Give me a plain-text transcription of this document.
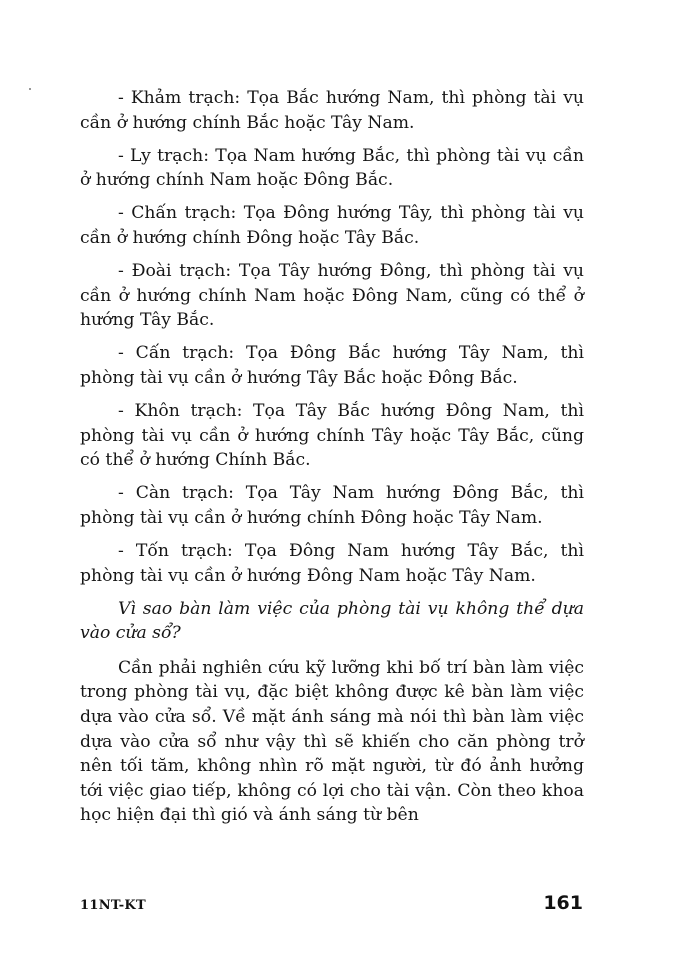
- Khảm trạch: Tọa Bắc hướng Nam, thì phòng tài vụ cần ở hướng chính Bắc hoặc Tây Nam.

- Ly trạch: Tọa Nam hướng Bắc, thì phòng tài vụ cần ở hướng chính Nam hoặc Đông Bắc.

- Chấn trạch: Tọa Đông hướng Tây, thì phòng tài vụ cần ở hướng chính Đông hoặc Tây Bắc.

- Đoài trạch: Tọa Tây hướng Đông, thì phòng tài vụ cần ở hướng chính Nam hoặc Đông Nam, cũng có thể ở hướng Tây Bắc.

- Cấn trạch: Tọa Đông Bắc hướng Tây Nam, thì phòng tài vụ cần ở hướng Tây Bắc hoặc Đông Bắc.

- Khôn trạch: Tọa Tây Bắc hướng Đông Nam, thì phòng tài vụ cần ở hướng chính Tây hoặc Tây Bắc, cũng có thể ở hướng Chính Bắc.

- Càn trạch: Tọa Tây Nam hướng Đông Bắc, thì phòng tài vụ cần ở hướng chính Đông hoặc Tây Nam.

- Tốn trạch: Tọa Đông Nam hướng Tây Bắc, thì phòng tài vụ cần ở hướng Đông Nam hoặc Tây Nam.

Vì sao bàn làm việc của phòng tài vụ không thể dựa vào cửa sổ?

Cần phải nghiên cứu kỹ lưỡng khi bố trí bàn làm việc trong phòng tài vụ, đặc biệt không được kê bàn làm việc dựa vào cửa sổ. Về mặt ánh sáng mà nói thì bàn làm việc dựa vào cửa sổ như vậy thì sẽ khiến cho căn phòng trở nên tối tăm, không nhìn rõ mặt người, từ đó ảnh hưởng tới việc giao tiếp, không có lợi cho tài vận. Còn theo khoa học hiện đại thì gió và ánh sáng từ bên

11NT-KT	161
